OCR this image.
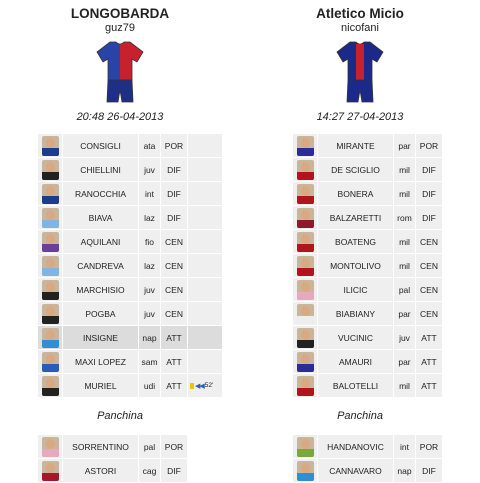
LONGOBARDA
guz79
20:48 26-04-2013
	CONSIGLI	ata	POR	

	CHIELLINI	juv	DIF	

	RANOCCHIA	int	DIF	

	BIAVA	laz	DIF	

	AQUILANI	fio	CEN	

	CANDREVA	laz	CEN	

	MARCHISIO	juv	CEN	

	POGBA	juv	CEN	

	INSIGNE	nap	ATT	

	MAXI LOPEZ	sam	ATT	

	MURIEL	udi	ATT	◀◀ 52'
Panchina
	SORRENTINO	pal	POR

	ASTORI	cag	DIF
Atletico Micio
nicofani
14:27 27-04-2013
	MIRANTE	par	POR

	DE SCIGLIO	mil	DIF

	BONERA	mil	DIF

	BALZARETTI	rom	DIF

	BOATENG	mil	CEN

	MONTOLIVO	mil	CEN

	ILICIC	pal	CEN

	BIABIANY	par	CEN

	VUCINIC	juv	ATT

	AMAURI	par	ATT

	BALOTELLI	mil	ATT
Panchina
	HANDANOVIC	int	POR

	CANNAVARO	nap	DIF
